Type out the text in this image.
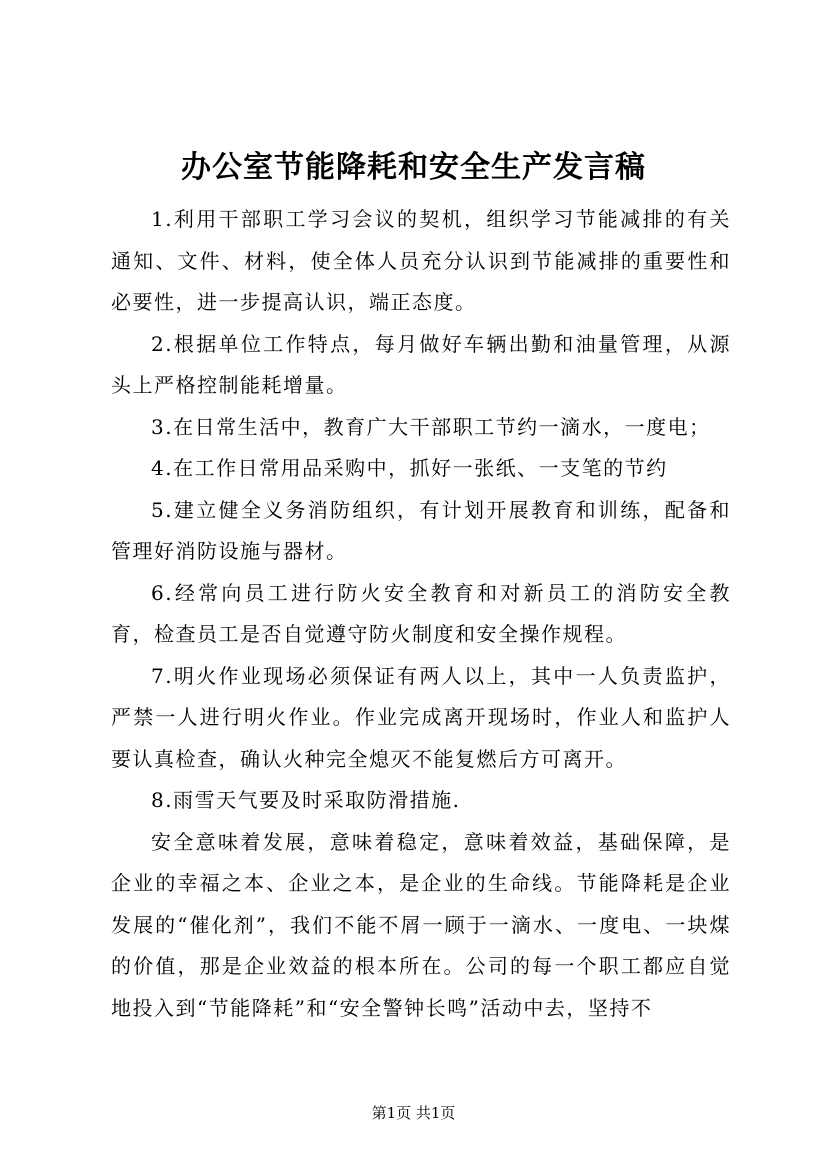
办公室节能降耗和安全生产发言稿

1.利用干部职工学习会议的契机，组织学习节能减排的有关通知、文件、材料，使全体人员充分认识到节能减排的重要性和必要性，进一步提高认识，端正态度。

2.根据单位工作特点，每月做好车辆出勤和油量管理，从源头上严格控制能耗增量。

3.在日常生活中，教育广大干部职工节约一滴水，一度电；

4.在工作日常用品采购中，抓好一张纸、一支笔的节约

5.建立健全义务消防组织，有计划开展教育和训练，配备和管理好消防设施与器材。

6.经常向员工进行防火安全教育和对新员工的消防安全教育，检查员工是否自觉遵守防火制度和安全操作规程。

7.明火作业现场必须保证有两人以上，其中一人负责监护，严禁一人进行明火作业。作业完成离开现场时，作业人和监护人要认真检查，确认火种完全熄灭不能复燃后方可离开。

8.雨雪天气要及时采取防滑措施.

安全意味着发展，意味着稳定，意味着效益，基础保障，是企业的幸福之本、企业之本，是企业的生命线。节能降耗是企业发展的“催化剂”，我们不能不屑一顾于一滴水、一度电、一块煤的价值，那是企业效益的根本所在。公司的每一个职工都应自觉地投入到“节能降耗”和“安全警钟长鸣”活动中去，坚持不

第1页 共1页
